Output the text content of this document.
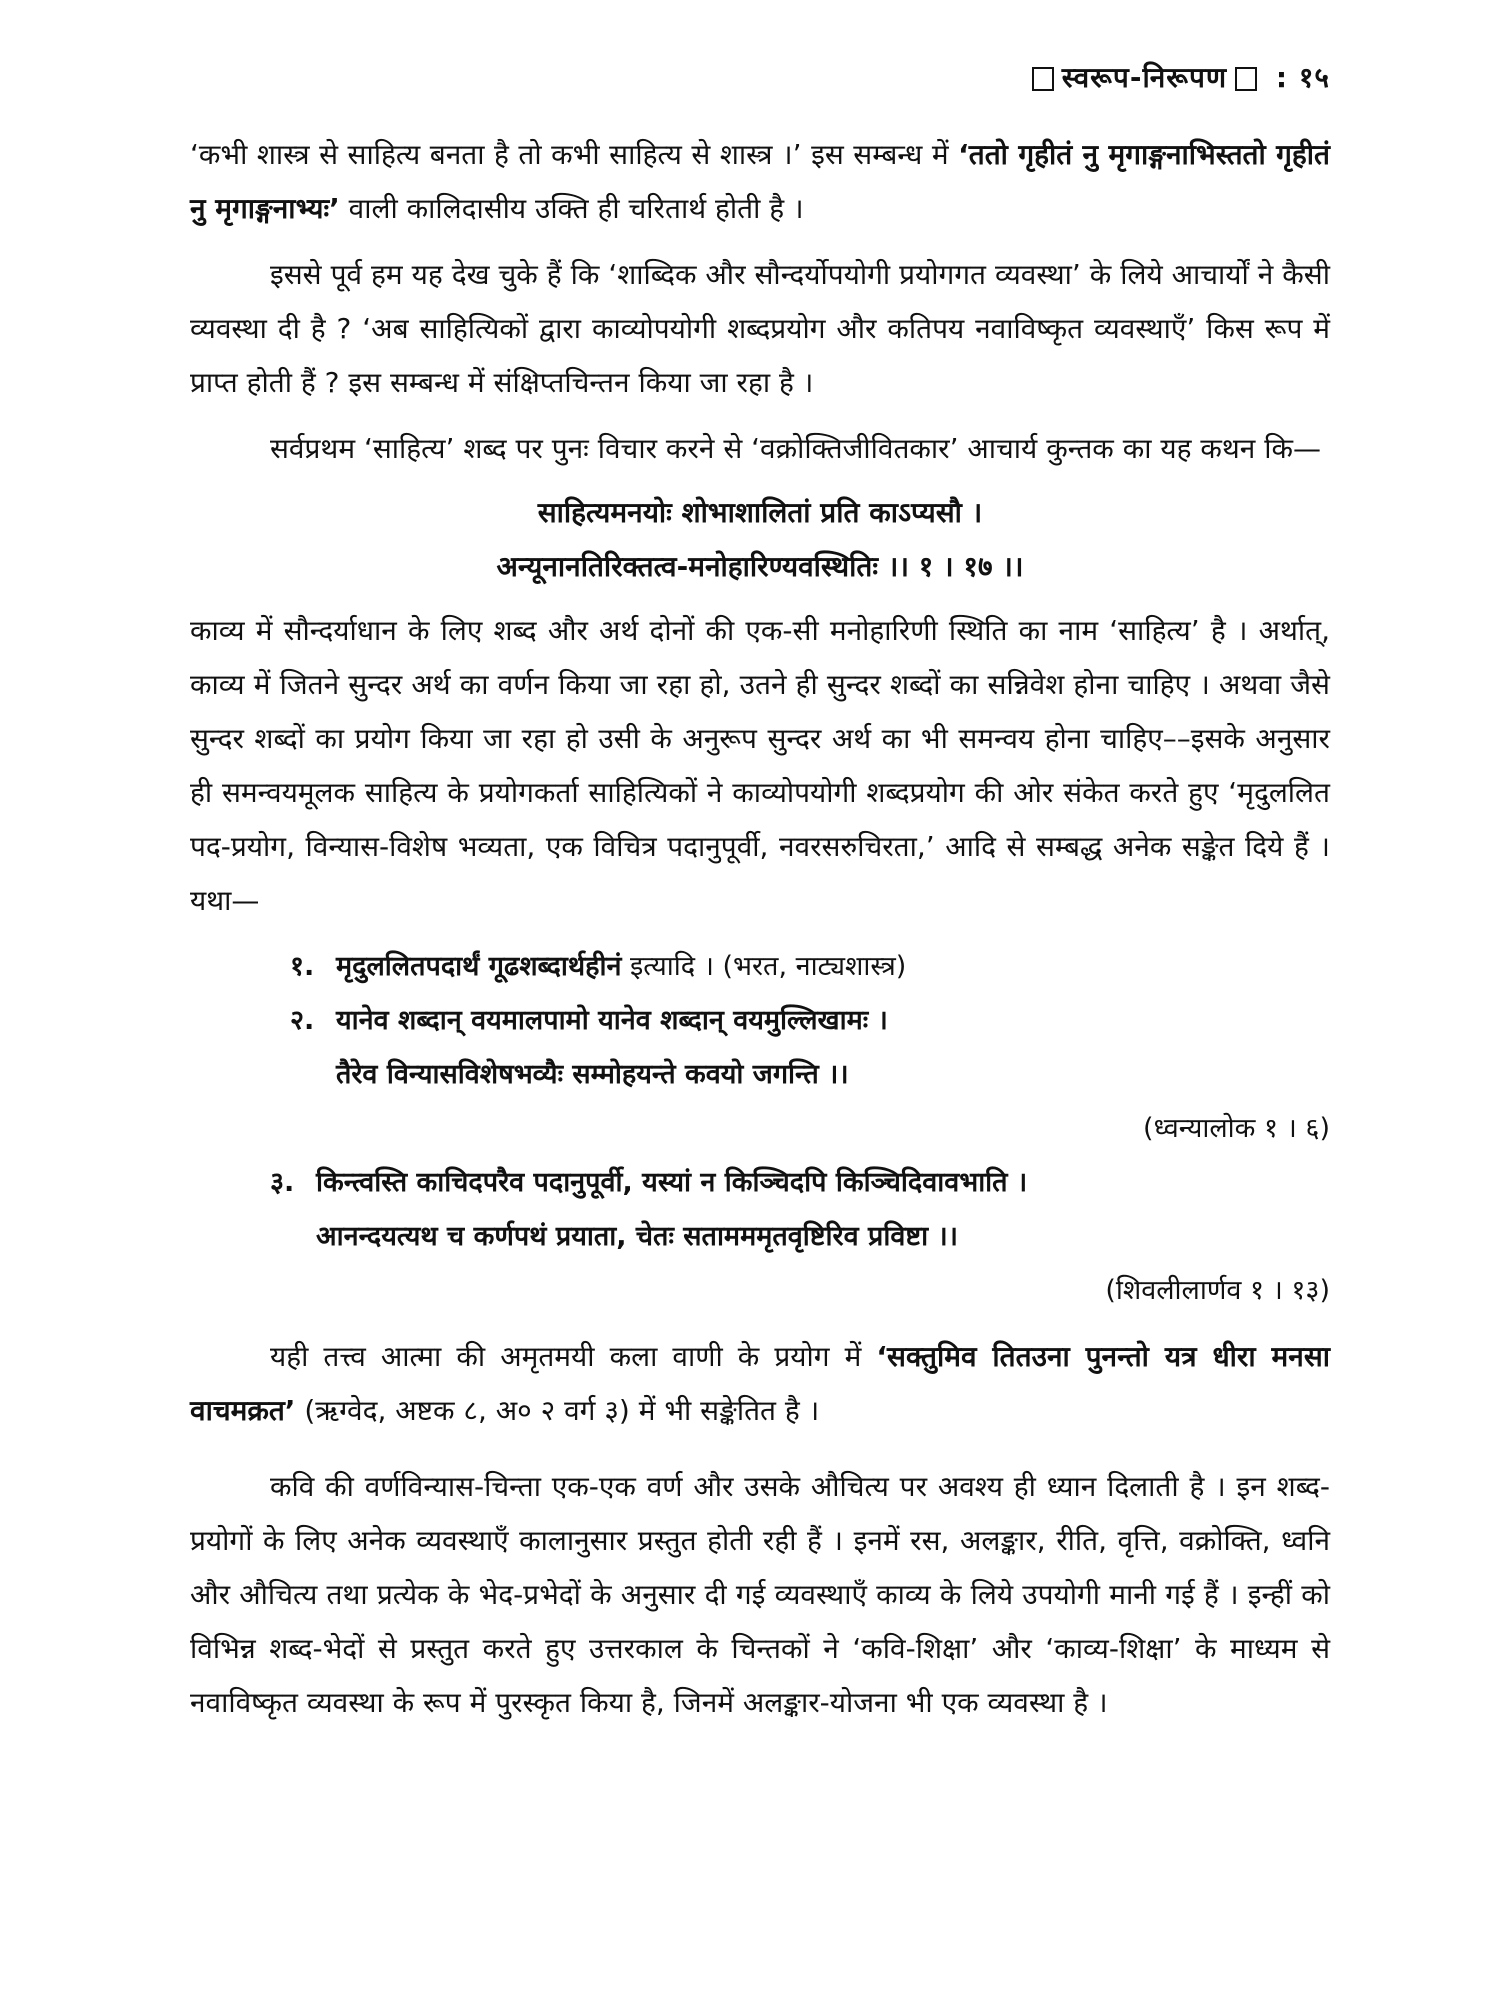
स्वरूप-निरूपण : १५

‘कभी शास्त्र से साहित्य बनता है तो कभी साहित्य से शास्त्र ।’ इस सम्बन्ध में ‘ततो गृहीतं नु मृगाङ्गनाभिस्ततो गृहीतं नु मृगाङ्गनाभ्यः’ वाली कालिदासीय उक्ति ही चरितार्थ होती है ।

इससे पूर्व हम यह देख चुके हैं कि ‘शाब्दिक और सौन्दर्योपयोगी प्रयोगगत व्यवस्था’ के लिये आचार्यों ने कैसी व्यवस्था दी है ? ‘अब साहित्यिकों द्वारा काव्योपयोगी शब्दप्रयोग और कतिपय नवाविष्कृत व्यवस्थाएँ’ किस रूप में प्राप्त होती हैं ? इस सम्बन्ध में संक्षिप्तचिन्तन किया जा रहा है ।

सर्वप्रथम ‘साहित्य’ शब्द पर पुनः विचार करने से ‘वक्रोक्तिजीवितकार’ आचार्य कुन्तक का यह कथन कि—

साहित्यमनयोः शोभाशालितां प्रति काऽप्यसौ ।
अन्यूनानतिरिक्तत्व-मनोहारिण्यवस्थितिः ।। १ । १७ ।।

काव्य में सौन्दर्याधान के लिए शब्द और अर्थ दोनों की एक-सी मनोहारिणी स्थिति का नाम ‘साहित्य’ है । अर्थात्, काव्य में जितने सुन्दर अर्थ का वर्णन किया जा रहा हो, उतने ही सुन्दर शब्दों का सन्निवेश होना चाहिए । अथवा जैसे सुन्दर शब्दों का प्रयोग किया जा रहा हो उसी के अनुरूप सुन्दर अर्थ का भी समन्वय होना चाहिए––इसके अनुसार ही समन्वयमूलक साहित्य के प्रयोगकर्ता साहित्यिकों ने काव्योपयोगी शब्दप्रयोग की ओर संकेत करते हुए ‘मृदुललित पद-प्रयोग, विन्यास-विशेष भव्यता, एक विचित्र पदानुपूर्वी, नवरसरुचिरता,’ आदि से सम्बद्ध अनेक सङ्केत दिये हैं । यथा—

१. मृदुललितपदार्थं गूढशब्दार्थहीनं इत्यादि । (भरत, नाट्यशास्त्र)
२. यानेव शब्दान् वयमालपामो यानेव शब्दान् वयमुल्लिखामः ।
तैरेव विन्यासविशेषभव्यैः सम्मोहयन्ते कवयो जगन्ति ।।
(ध्वन्यालोक १ । ६)
३. किन्त्वस्ति काचिदपरैव पदानुपूर्वी, यस्यां न किञ्चिदपि किञ्चिदिवावभाति ।
आनन्दयत्यथ च कर्णपथं प्रयाता, चेतः सतामममृतवृष्टिरिव प्रविष्टा ।।
(शिवलीलार्णव १ । १३)

यही तत्त्व आत्मा की अमृतमयी कला वाणी के प्रयोग में ‘सक्तुमिव तितउना पुनन्तो यत्र धीरा मनसा वाचमक्रत’ (ऋग्वेद, अष्टक ८, अ० २ वर्ग ३) में भी सङ्केतित है ।

कवि की वर्णविन्यास-चिन्ता एक-एक वर्ण और उसके औचित्य पर अवश्य ही ध्यान दिलाती है । इन शब्द-प्रयोगों के लिए अनेक व्यवस्थाएँ कालानुसार प्रस्तुत होती रही हैं । इनमें रस, अलङ्कार, रीति, वृत्ति, वक्रोक्ति, ध्वनि और औचित्य तथा प्रत्येक के भेद-प्रभेदों के अनुसार दी गई व्यवस्थाएँ काव्य के लिये उपयोगी मानी गई हैं । इन्हीं को विभिन्न शब्द-भेदों से प्रस्तुत करते हुए उत्तरकाल के चिन्तकों ने ‘कवि-शिक्षा’ और ‘काव्य-शिक्षा’ के माध्यम से नवाविष्कृत व्यवस्था के रूप में पुरस्कृत किया है, जिनमें अलङ्कार-योजना भी एक व्यवस्था है ।
